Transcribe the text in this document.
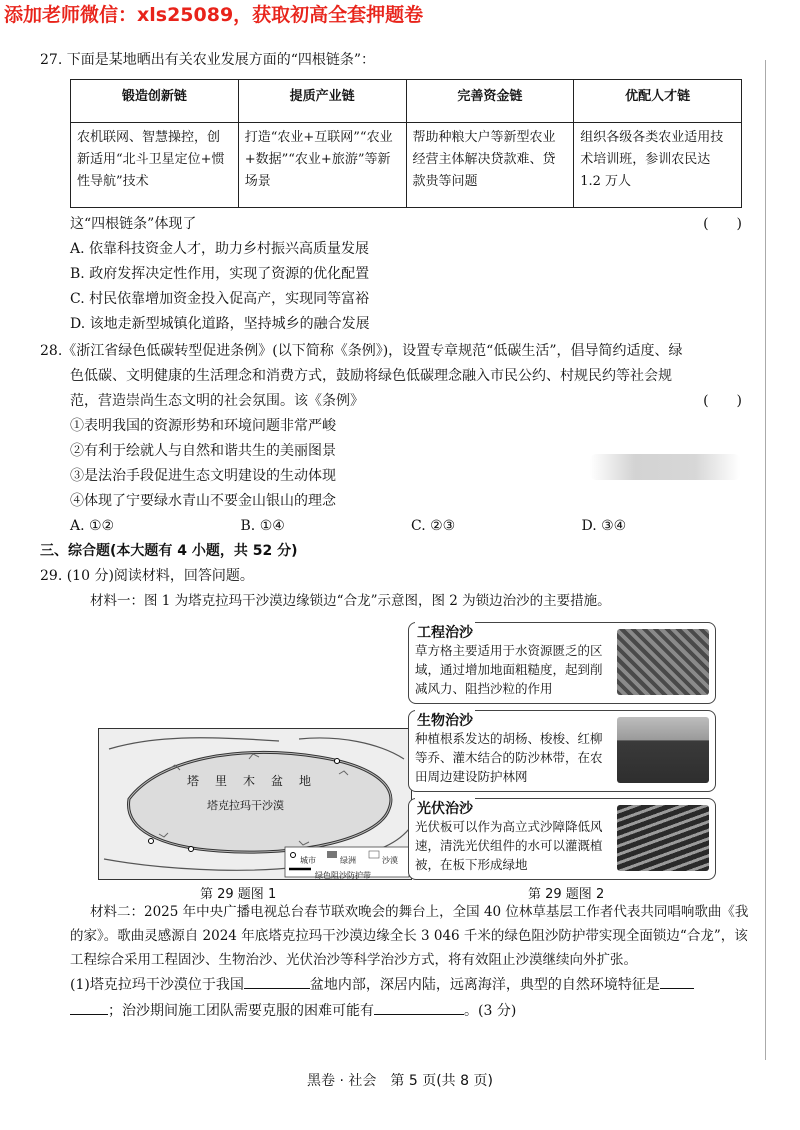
添加老师微信：xls25089，获取初高全套押题卷

27. 下面是某地晒出有关农业发展方面的“四根链条”：

锻造创新链	提质产业链	完善资金链	优配人才链
农机联网、智慧操控，创新适用“北斗卫星定位+惯性导航”技术	打造“农业+互联网”“农业+数据”“农业+旅游”等新场景	帮助种粮大户等新型农业经营主体解决贷款难、贷款贵等问题	组织各级各类农业适用技术培训班，参训农民达 1.2 万人
这“四根链条”体现了	(　　)
A. 依靠科技资金人才，助力乡村振兴高质量发展
B. 政府发挥决定性作用，实现了资源的优化配置
C. 村民依靠增加资金投入促高产，实现同等富裕
D. 该地走新型城镇化道路，坚持城乡的融合发展
28.《浙江省绿色低碳转型促进条例》(以下简称《条例》)，设置专章规范“低碳生活”，倡导简约适度、绿
色低碳、文明健康的生活理念和消费方式，鼓励将绿色低碳理念融入市民公约、村规民约等社会规
范，营造崇尚生态文明的社会氛围。该《条例》	(　　)
①表明我国的资源形势和环境问题非常严峻
②有利于绘就人与自然和谐共生的美丽图景
③是法治手段促进生态文明建设的生动体现
④体现了宁要绿水青山不要金山银山的理念
A. ①②	B. ①④	C. ②③	D. ③④
三、综合题(本大题有 4 小题，共 52 分)
29. (10 分)阅读材料，回答问题。
材料一：图 1 为塔克拉玛干沙漠边缘锁边“合龙”示意图，图 2 为锁边治沙的主要措施。
塔　里　木　盆　地
塔克拉玛干沙漠
城市	绿洲	沙漠
绿色阻沙防护带
第 29 题图 1
工程治沙
草方格主要适用于水资源匮乏的区域，通过增加地面粗糙度，起到削减风力、阻挡沙粒的作用
生物治沙
种植根系发达的胡杨、梭梭、红柳等乔、灌木结合的防沙林带，在农田周边建设防护林网
光伏治沙
光伏板可以作为高立式沙障降低风速，清洗光伏组件的水可以灌溉植被，在板下形成绿地
第 29 题图 2
材料二：2025 年中央广播电视总台春节联欢晚会的舞台上，全国 40 位林草基层工作者代表共同唱响歌曲《我的家》。歌曲灵感源自 2024 年底塔克拉玛干沙漠边缘全长 3 046 千米的绿色阻沙防护带实现全面锁边“合龙”，该工程综合采用工程固沙、生物治沙、光伏治沙等科学治沙方式，将有效阻止沙漠继续向外扩张。
(1)塔克拉玛干沙漠位于我国	盆地内部，深居内陆，远离海洋，典型的自然环境特征是
；治沙期间施工团队需要克服的困难可能有	。(3 分)
黑卷 · 社会　第 5 页(共 8 页)
